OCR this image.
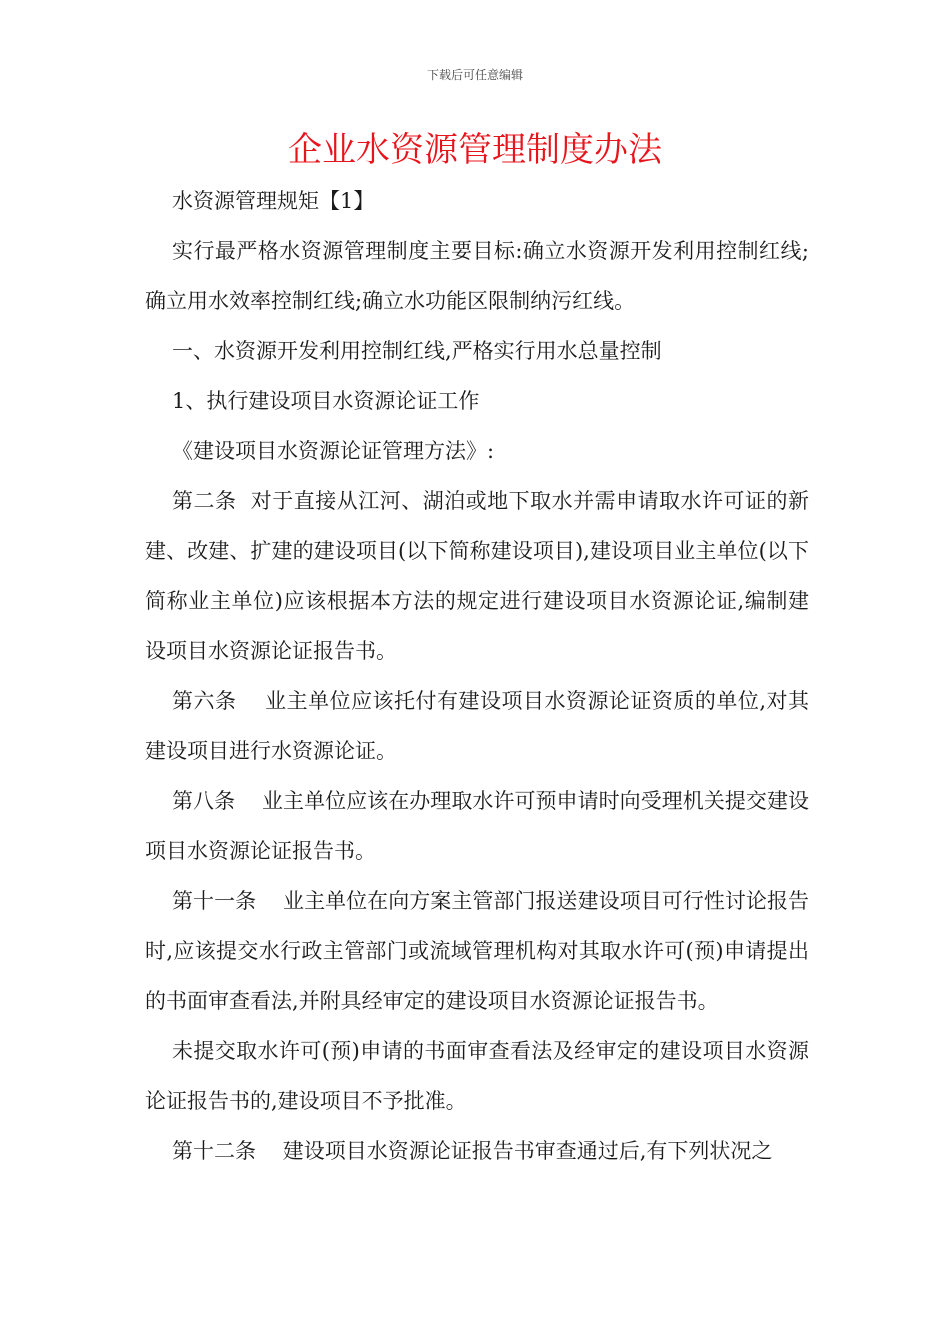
下载后可任意编辑
企业水资源管理制度办法

水资源管理规矩【1】

实行最严格水资源管理制度主要目标:确立水资源开发利用控制红线;确立用水效率控制红线;确立水功能区限制纳污红线。

一、水资源开发利用控制红线,严格实行用水总量控制

1、执行建设项目水资源论证工作

《建设项目水资源论证管理方法》:

第二条  对于直接从江河、湖泊或地下取水并需申请取水许可证的新建、改建、扩建的建设项目(以下简称建设项目),建设项目业主单位(以下简称业主单位)应该根据本方法的规定进行建设项目水资源论证,编制建设项目水资源论证报告书。

第六条    业主单位应该托付有建设项目水资源论证资质的单位,对其建设项目进行水资源论证。

第八条    业主单位应该在办理取水许可预申请时向受理机关提交建设项目水资源论证报告书。

第十一条    业主单位在向方案主管部门报送建设项目可行性讨论报告时,应该提交水行政主管部门或流域管理机构对其取水许可(预)申请提出的书面审查看法,并附具经审定的建设项目水资源论证报告书。

未提交取水许可(预)申请的书面审查看法及经审定的建设项目水资源论证报告书的,建设项目不予批准。

第十二条    建设项目水资源论证报告书审查通过后,有下列状况之
